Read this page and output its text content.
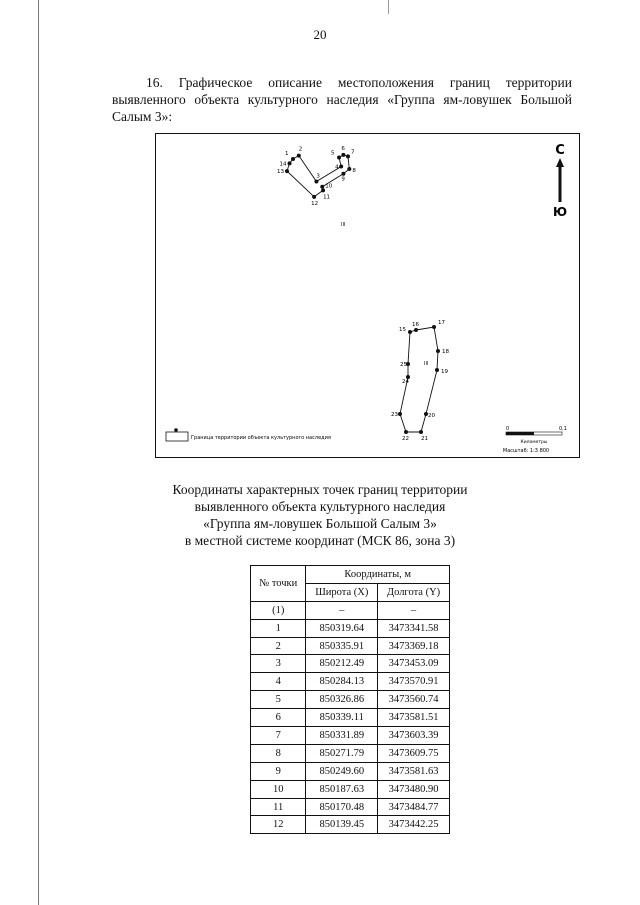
20
16. Графическое описание местоположения границ территории выявленного объекта культурного наследия «Группа ям-ловушек Большой Салым 3»:
1
2
3
4
5
6
7
8
9
10
11
12
13
14
15
16	17
18
19
20
21
22
23
24
25
III
III
С
Ю
Граница территории объекта культурного наследия
0	0,1
Километры
Масштаб: 1:3 800
Координаты характерных точек границ территории
выявленного объекта культурного наследия
«Группа ям-ловушек Большой Салым 3»
в местной системе координат (МСК 86, зона 3)
№ точки	Координаты, м	
	Широта (X)	Долгота (Y)
(1)	–	–
1	850319.64	3473341.58
2	850335.91	3473369.18
3	850212.49	3473453.09
4	850284.13	3473570.91
5	850326.86	3473560.74
6	850339.11	3473581.51
7	850331.89	3473603.39
8	850271.79	3473609.75
9	850249.60	3473581.63
10	850187.63	3473480.90
11	850170.48	3473484.77
12	850139.45	3473442.25
